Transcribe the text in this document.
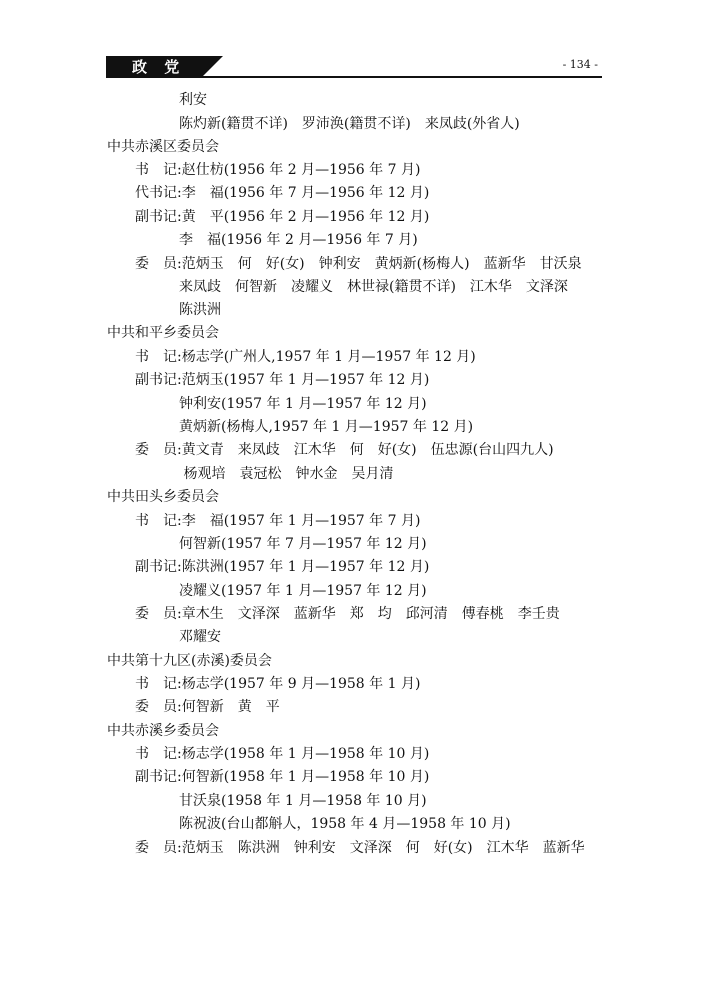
政 党	- 134 -
利安
陈灼新(籍贯不详)　罗沛涣(籍贯不详)　来凤歧(外省人)
中共赤溪区委员会
书　记:赵仕枋(1956 年 2 月—1956 年 7 月)
代书记:李　福(1956 年 7 月—1956 年 12 月)
副书记:黄　平(1956 年 2 月—1956 年 12 月)
李　福(1956 年 2 月—1956 年 7 月)
委　员:范炳玉　何　好(女)　钟利安　黄炳新(杨梅人)　蓝新华　甘沃泉
来凤歧　何智新　凌耀义　林世禄(籍贯不详)　江木华　文泽深
陈洪洲
中共和平乡委员会
书　记:杨志学(广州人,1957 年 1 月—1957 年 12 月)
副书记:范炳玉(1957 年 1 月—1957 年 12 月)
钟利安(1957 年 1 月—1957 年 12 月)
黄炳新(杨梅人,1957 年 1 月—1957 年 12 月)
委　员:黄文青　来凤歧　江木华　何　好(女)　伍忠源(台山四九人)
杨观培　袁冠松　钟水金　吴月清
中共田头乡委员会
书　记:李　福(1957 年 1 月—1957 年 7 月)
何智新(1957 年 7 月—1957 年 12 月)
副书记:陈洪洲(1957 年 1 月—1957 年 12 月)
凌耀义(1957 年 1 月—1957 年 12 月)
委　员:章木生　文泽深　蓝新华　郑　均　邱河清　傅春桃　李壬贵
邓耀安
中共第十九区(赤溪)委员会
书　记:杨志学(1957 年 9 月—1958 年 1 月)
委　员:何智新　黄　平
中共赤溪乡委员会
书　记:杨志学(1958 年 1 月—1958 年 10 月)
副书记:何智新(1958 年 1 月—1958 年 10 月)
甘沃泉(1958 年 1 月—1958 年 10 月)
陈祝波(台山都斛人，1958 年 4 月—1958 年 10 月)
委　员:范炳玉　陈洪洲　钟利安　文泽深　何　好(女)　江木华　蓝新华
